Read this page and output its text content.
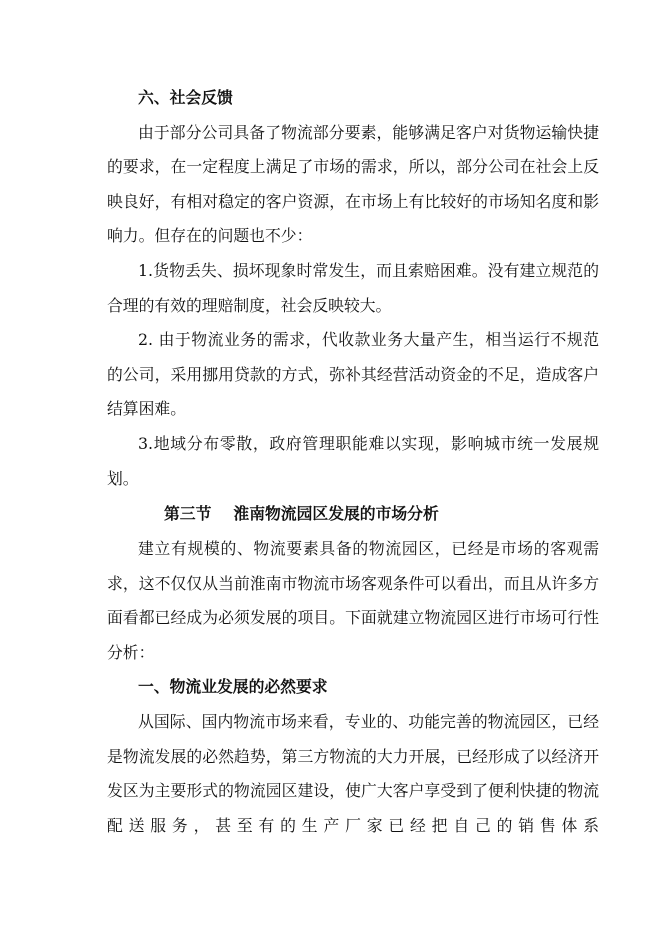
六、社会反馈

由于部分公司具备了物流部分要素，能够满足客户对货物运输快捷的要求，在一定程度上满足了市场的需求，所以，部分公司在社会上反映良好，有相对稳定的客户资源，在市场上有比较好的市场知名度和影响力。但存在的问题也不少：

1.货物丢失、损坏现象时常发生，而且索赔困难。没有建立规范的合理的有效的理赔制度，社会反映较大。

2. 由于物流业务的需求，代收款业务大量产生，相当运行不规范的公司，采用挪用贷款的方式，弥补其经营活动资金的不足，造成客户结算困难。

3.地域分布零散，政府管理职能难以实现，影响城市统一发展规划。

第三节 淮南物流园区发展的市场分析

建立有规模的、物流要素具备的物流园区，已经是市场的客观需求，这不仅仅从当前淮南市物流市场客观条件可以看出，而且从许多方面看都已经成为必须发展的项目。下面就建立物流园区进行市场可行性分析：

一、物流业发展的必然要求

从国际、国内物流市场来看，专业的、功能完善的物流园区，已经是物流发展的必然趋势，第三方物流的大力开展，已经形成了以经济开发区为主要形式的物流园区建设，使广大客户享受到了便利快捷的物流配送服务，甚至有的生产厂家已经把自己的销售体系
